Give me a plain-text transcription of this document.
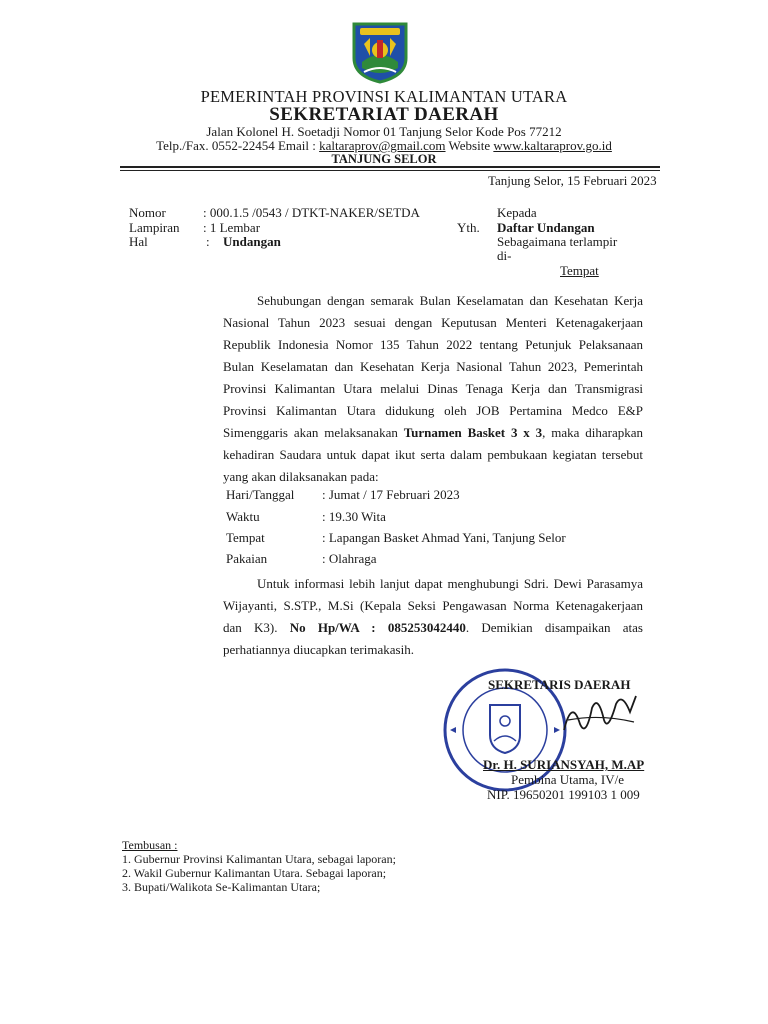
PEMERINTAH PROVINSI KALIMANTAN UTARA
SEKRETARIAT DAERAH
Jalan Kolonel H. Soetadji Nomor 01 Tanjung Selor Kode Pos 77212
Telp./Fax. 0552-22454 Email : kaltaraprov@gmail.com Website www.kaltaraprov.go.id
TANJUNG SELOR
Tanjung Selor, 15 Februari 2023
Nomor	: 000.1.5 /0543 / DTKT-NAKER/SETDA
Lampiran : 1 Lembar
Hal	: Undangan
Kepada
Yth. Daftar Undangan
Sebagaimana terlampir
di-
Tempat
Sehubungan dengan semarak Bulan Keselamatan dan Kesehatan Kerja
Nasional Tahun 2023 sesuai dengan Keputusan Menteri Ketenagakerjaan
Republik Indonesia Nomor 135 Tahun 2022 tentang Petunjuk Pelaksanaan
Bulan Keselamatan dan Kesehatan Kerja Nasional Tahun 2023, Pemerintah
Provinsi Kalimantan Utara melalui Dinas Tenaga Kerja dan Transmigrasi
Provinsi Kalimantan Utara didukung oleh JOB Pertamina Medco E&P
Simenggaris akan melaksanakan Turnamen Basket 3 x 3, maka diharapkan
kehadiran Saudara untuk dapat ikut serta dalam pembukaan kegiatan tersebut
yang akan dilaksanakan pada:
Hari/Tanggal : Jumat / 17 Februari 2023
Waktu	: 19.30 Wita
Tempat	: Lapangan Basket Ahmad Yani, Tanjung Selor
Pakaian	: Olahraga
Untuk informasi lebih lanjut dapat menghubungi Sdri. Dewi Parasamya
Wijayanti, S.STP., M.Si (Kepala Seksi Pengawasan Norma Ketenagakerjaan
dan K3). No Hp/WA : 085253042440. Demikian disampaikan atas
perhatiannya diucapkan terimakasih.
SEKRETARIS DAERAH
Dr. H. SURIANSYAH, M.AP
Pembina Utama, IV/e
NIP. 19650201 199103 1 009
Tembusan :
1. Gubernur Provinsi Kalimantan Utara, sebagai laporan;
2. Wakil Gubernur Kalimantan Utara. Sebagai laporan;
3. Bupati/Walikota Se-Kalimantan Utara;
